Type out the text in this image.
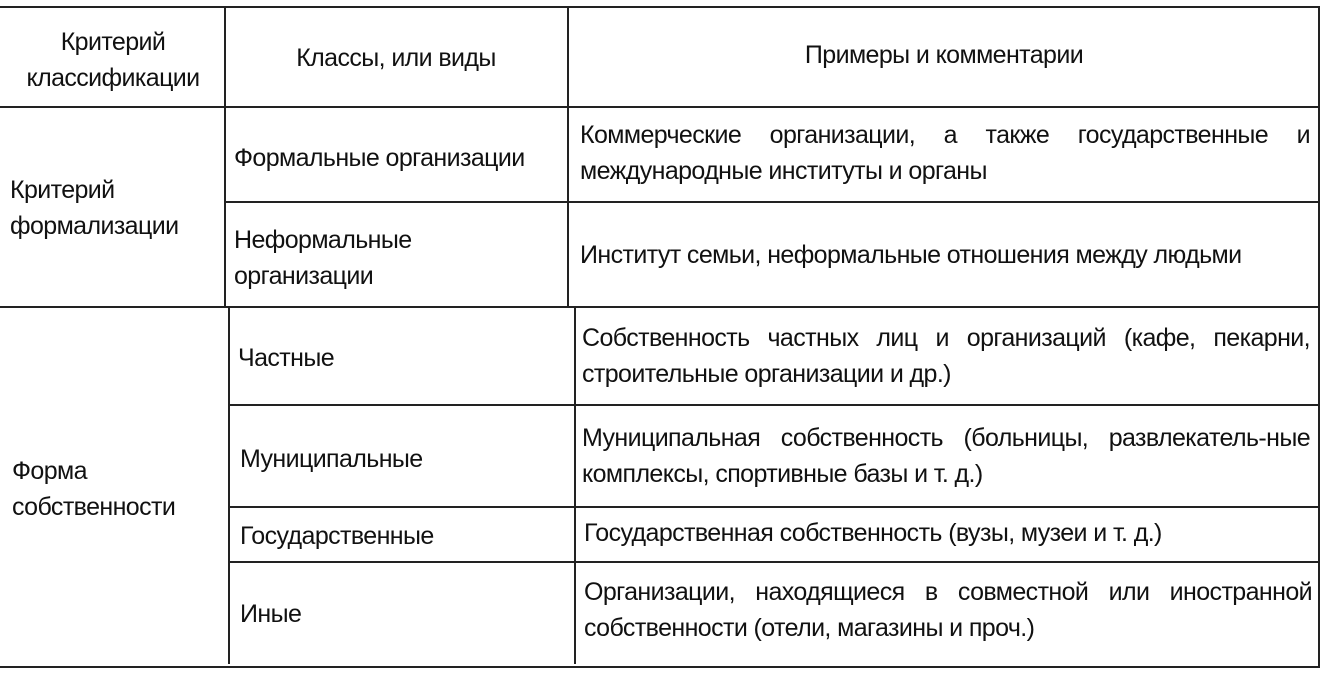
Критерий классификации
Классы, или виды	Примеры и комментарии
Критерий формализации
Формальные организации
Коммерческие организации, а также государственные и международные институты и органы
Неформальные организации
Институт семьи, неформальные отношения между людьми
Форма собственности
Частные
Собственность частных лиц и организаций (кафе, пекарни, строительные организации и др.)
Муниципальные
Муниципальная собственность (больницы, развлекатель-ные комплексы, спортивные базы и т. д.)
Государственные	Государственная собственность (вузы, музеи и т. д.)
Иные
Организации, находящиеся в совместной или иностранной собственности (отели, магазины и проч.)
